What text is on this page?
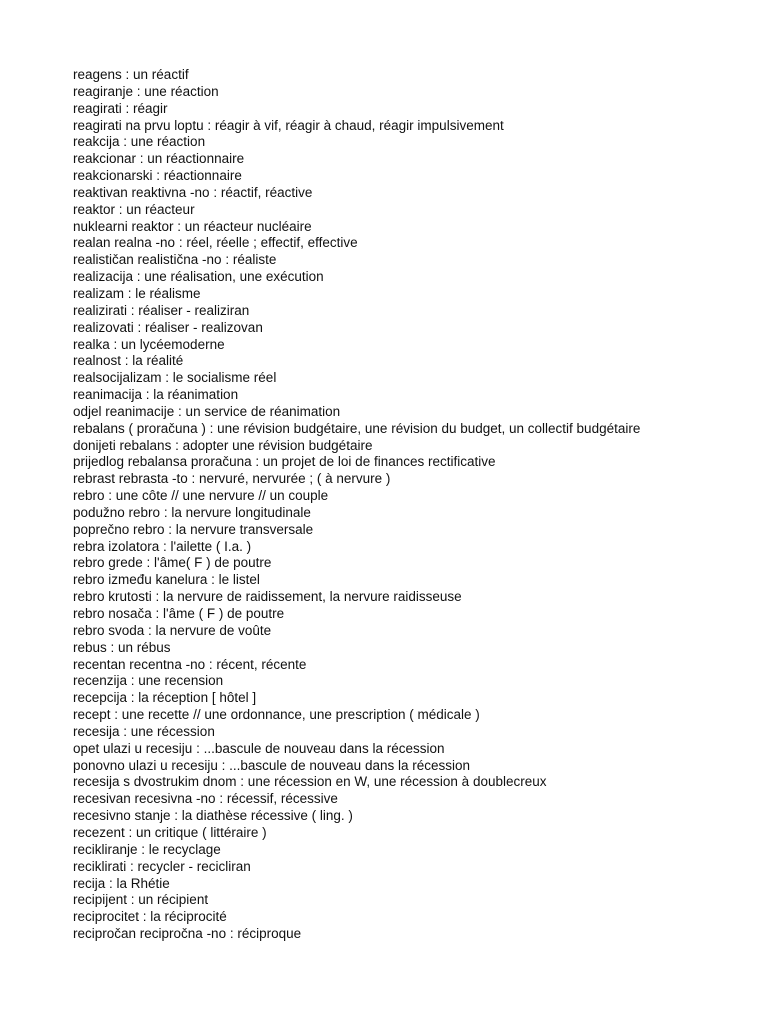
reagens : un réactif
reagiranje : une réaction
reagirati : réagir
reagirati na prvu loptu : réagir à vif, réagir à chaud, réagir impulsivement
reakcija : une réaction
reakcionar : un réactionnaire
reakcionarski : réactionnaire
reaktivan reaktivna -no : réactif, réactive
reaktor : un réacteur
nuklearni reaktor : un réacteur nucléaire
realan realna -no : réel, réelle ; effectif, effective
realističan realistična -no : réaliste
realizacija : une réalisation, une exécution
realizam : le réalisme
realizirati : réaliser - realiziran
realizovati : réaliser - realizovan
realka : un lycéemoderne
realnost : la réalité
realsocijalizam : le socialisme réel
reanimacija : la réanimation
odjel reanimacije : un service de réanimation
rebalans ( proračuna ) : une révision budgétaire, une révision du budget, un collectif budgétaire
donijeti rebalans : adopter une révision budgétaire
prijedlog rebalansa proračuna : un projet de loi de finances rectificative
rebrast rebrasta -to : nervuré, nervurée ; ( à nervure )
rebro : une côte // une nervure // un couple
podužno rebro : la nervure longitudinale
poprečno rebro : la nervure transversale
rebra izolatora : l'ailette ( I.a. )
rebro grede : l'âme( F ) de poutre
rebro između kanelura : le listel
rebro krutosti : la nervure de raidissement, la nervure raidisseuse
rebro nosača : l'âme ( F ) de poutre
rebro svoda : la nervure de voûte
rebus : un rébus
recentan recentna -no : récent, récente
recenzija : une recension
recepcija : la réception [ hôtel ]
recept : une recette // une ordonnance, une prescription ( médicale )
recesija : une récession
opet ulazi u recesiju : ...bascule de nouveau dans la récession
ponovno ulazi u recesiju : ...bascule de nouveau dans la récession
recesija s dvostrukim dnom : une récession en W, une récession à doublecreux
recesivan recesivna -no : récessif, récessive
recesivno stanje : la diathèse récessive ( ling. )
recezent : un critique ( littéraire )
recikliranje : le recyclage
reciklirati : recycler - recicliran
recija : la Rhétie
recipijent : un récipient
reciprocitet : la réciprocité
recipročan recipročna -no : réciproque
